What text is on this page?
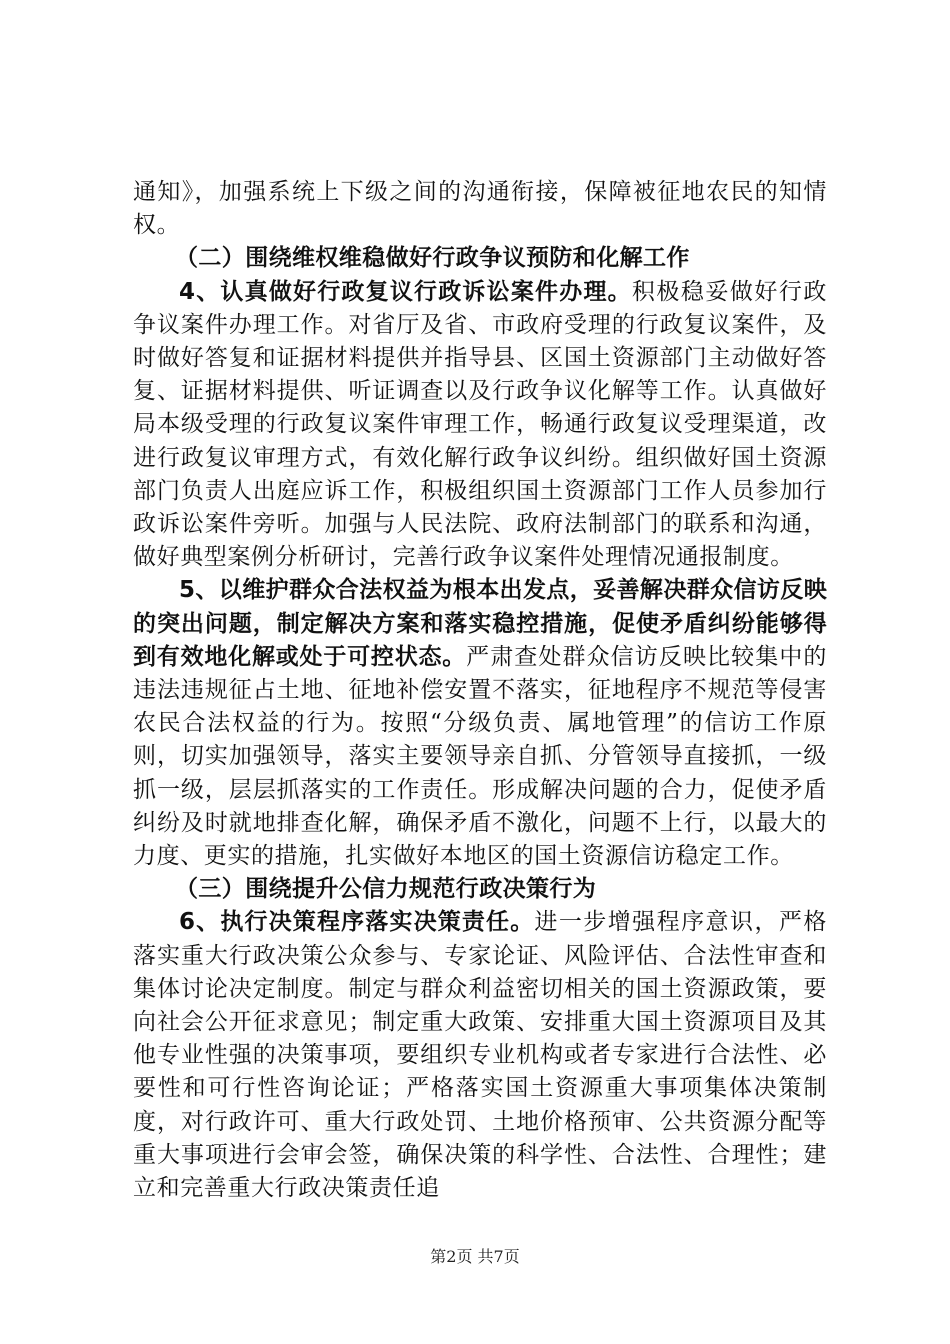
通知》，加强系统上下级之间的沟通衔接，保障被征地农民的知情权。

（二）围绕维权维稳做好行政争议预防和化解工作

4、认真做好行政复议行政诉讼案件办理。积极稳妥做好行政争议案件办理工作。对省厅及省、市政府受理的行政复议案件，及时做好答复和证据材料提供并指导县、区国土资源部门主动做好答复、证据材料提供、听证调查以及行政争议化解等工作。认真做好局本级受理的行政复议案件审理工作，畅通行政复议受理渠道，改进行政复议审理方式，有效化解行政争议纠纷。组织做好国土资源部门负责人出庭应诉工作，积极组织国土资源部门工作人员参加行政诉讼案件旁听。加强与人民法院、政府法制部门的联系和沟通，做好典型案例分析研讨，完善行政争议案件处理情况通报制度。

5、以维护群众合法权益为根本出发点，妥善解决群众信访反映的突出问题，制定解决方案和落实稳控措施，促使矛盾纠纷能够得到有效地化解或处于可控状态。严肃查处群众信访反映比较集中的违法违规征占土地、征地补偿安置不落实，征地程序不规范等侵害农民合法权益的行为。按照“分级负责、属地管理”的信访工作原则，切实加强领导，落实主要领导亲自抓、分管领导直接抓，一级抓一级，层层抓落实的工作责任。形成解决问题的合力，促使矛盾纠纷及时就地排查化解，确保矛盾不激化，问题不上行，以最大的力度、更实的措施，扎实做好本地区的国土资源信访稳定工作。

（三）围绕提升公信力规范行政决策行为

6、执行决策程序落实决策责任。进一步增强程序意识，严格落实重大行政决策公众参与、专家论证、风险评估、合法性审查和集体讨论决定制度。制定与群众利益密切相关的国土资源政策，要向社会公开征求意见；制定重大政策、安排重大国土资源项目及其他专业性强的决策事项，要组织专业机构或者专家进行合法性、必要性和可行性咨询论证；严格落实国土资源重大事项集体决策制度，对行政许可、重大行政处罚、土地价格预审、公共资源分配等重大事项进行会审会签，确保决策的科学性、合法性、合理性；建立和完善重大行政决策责任追

第2页 共7页
